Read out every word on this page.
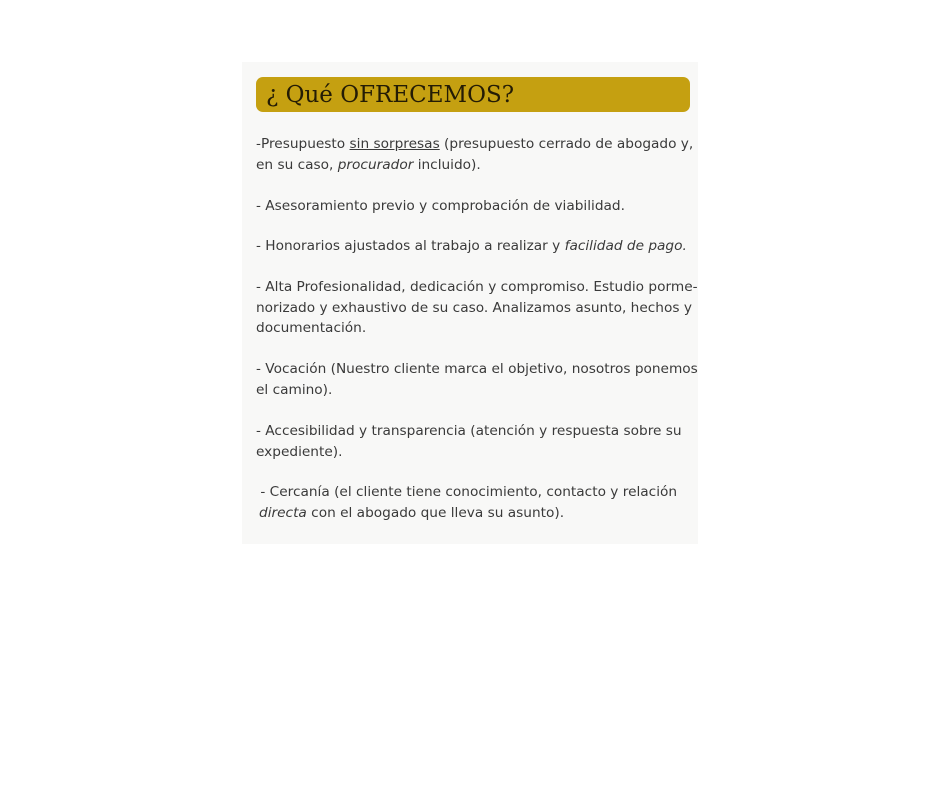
¿ Qué OFRECEMOS?
-Presupuesto sin sorpresas (presupuesto cerrado de abogado y,
en su caso, procurador incluido).
- Asesoramiento previo y comprobación de viabilidad.
- Honorarios ajustados al trabajo a realizar y facilidad de pago.
- Alta Profesionalidad, dedicación y compromiso. Estudio porme-
norizado y exhaustivo de su caso. Analizamos asunto, hechos y
documentación.
- Vocación (Nuestro cliente marca el objetivo, nosotros ponemos
el camino).
- Accesibilidad y transparencia (atención y respuesta sobre su
expediente).
- Cercanía (el cliente tiene conocimiento, contacto y relación
directa con el abogado que lleva su asunto).
